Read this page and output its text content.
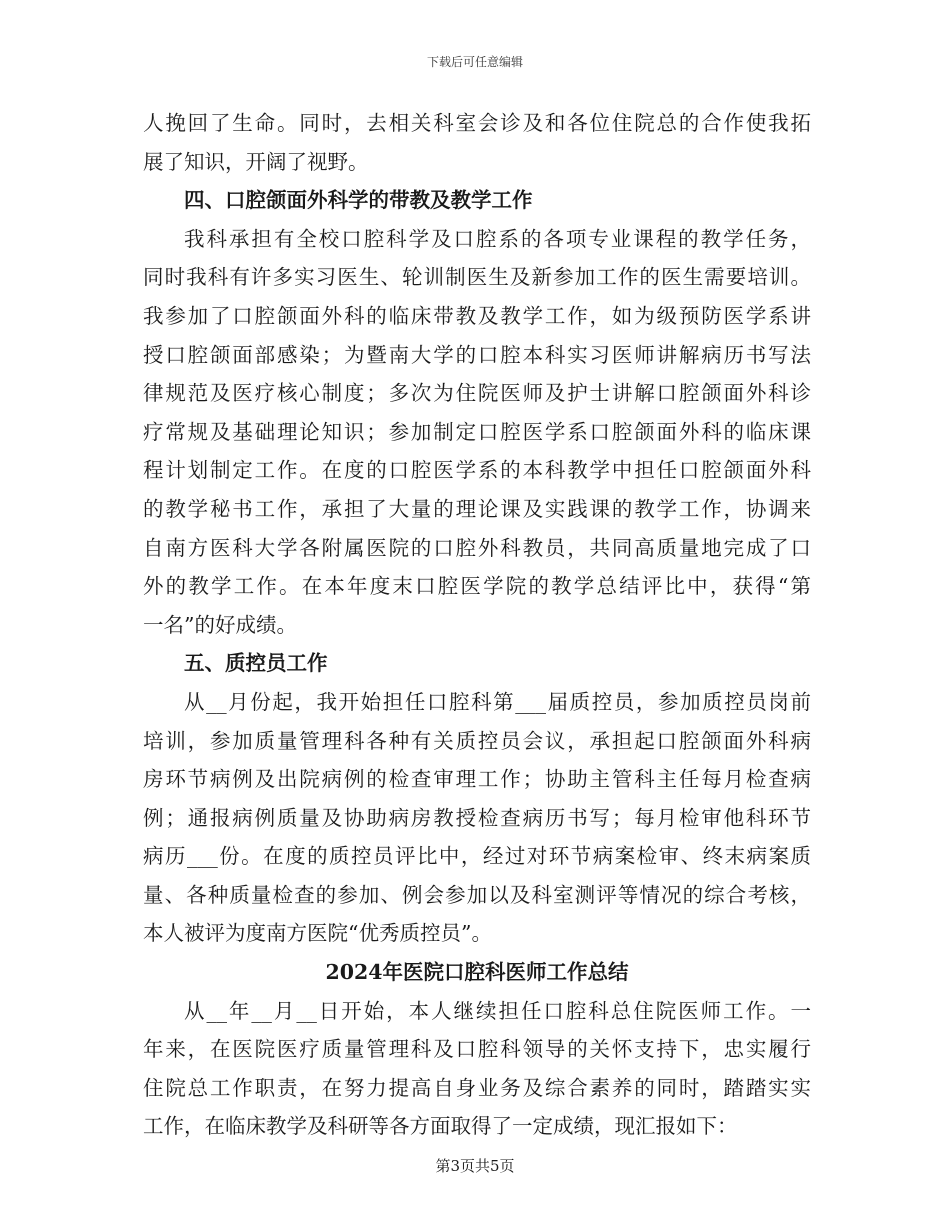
下载后可任意编辑
人挽回了生命。同时，去相关科室会诊及和各位住院总的合作使我拓
展了知识，开阔了视野。
四、口腔颌面外科学的带教及教学工作
我科承担有全校口腔科学及口腔系的各项专业课程的教学任务，
同时我科有许多实习医生、轮训制医生及新参加工作的医生需要培训。
我参加了口腔颌面外科的临床带教及教学工作，如为级预防医学系讲
授口腔颌面部感染；为暨南大学的口腔本科实习医师讲解病历书写法
律规范及医疗核心制度；多次为住院医师及护士讲解口腔颌面外科诊
疗常规及基础理论知识；参加制定口腔医学系口腔颌面外科的临床课
程计划制定工作。在度的口腔医学系的本科教学中担任口腔颌面外科
的教学秘书工作，承担了大量的理论课及实践课的教学工作，协调来
自南方医科大学各附属医院的口腔外科教员，共同高质量地完成了口
外的教学工作。在本年度末口腔医学院的教学总结评比中，获得“第
一名”的好成绩。
五、质控员工作
从__月份起，我开始担任口腔科第___届质控员，参加质控员岗前
培训，参加质量管理科各种有关质控员会议，承担起口腔颌面外科病
房环节病例及出院病例的检查审理工作；协助主管科主任每月检查病
例；通报病例质量及协助病房教授检查病历书写；每月检审他科环节
病历___份。在度的质控员评比中，经过对环节病案检审、终末病案质
量、各种质量检查的参加、例会参加以及科室测评等情况的综合考核，
本人被评为度南方医院“优秀质控员”。
2024年医院口腔科医师工作总结
从__年__月__日开始，本人继续担任口腔科总住院医师工作。一
年来，在医院医疗质量管理科及口腔科领导的关怀支持下，忠实履行
住院总工作职责，在努力提高自身业务及综合素养的同时，踏踏实实
工作，在临床教学及科研等各方面取得了一定成绩，现汇报如下：
第3页共5页
